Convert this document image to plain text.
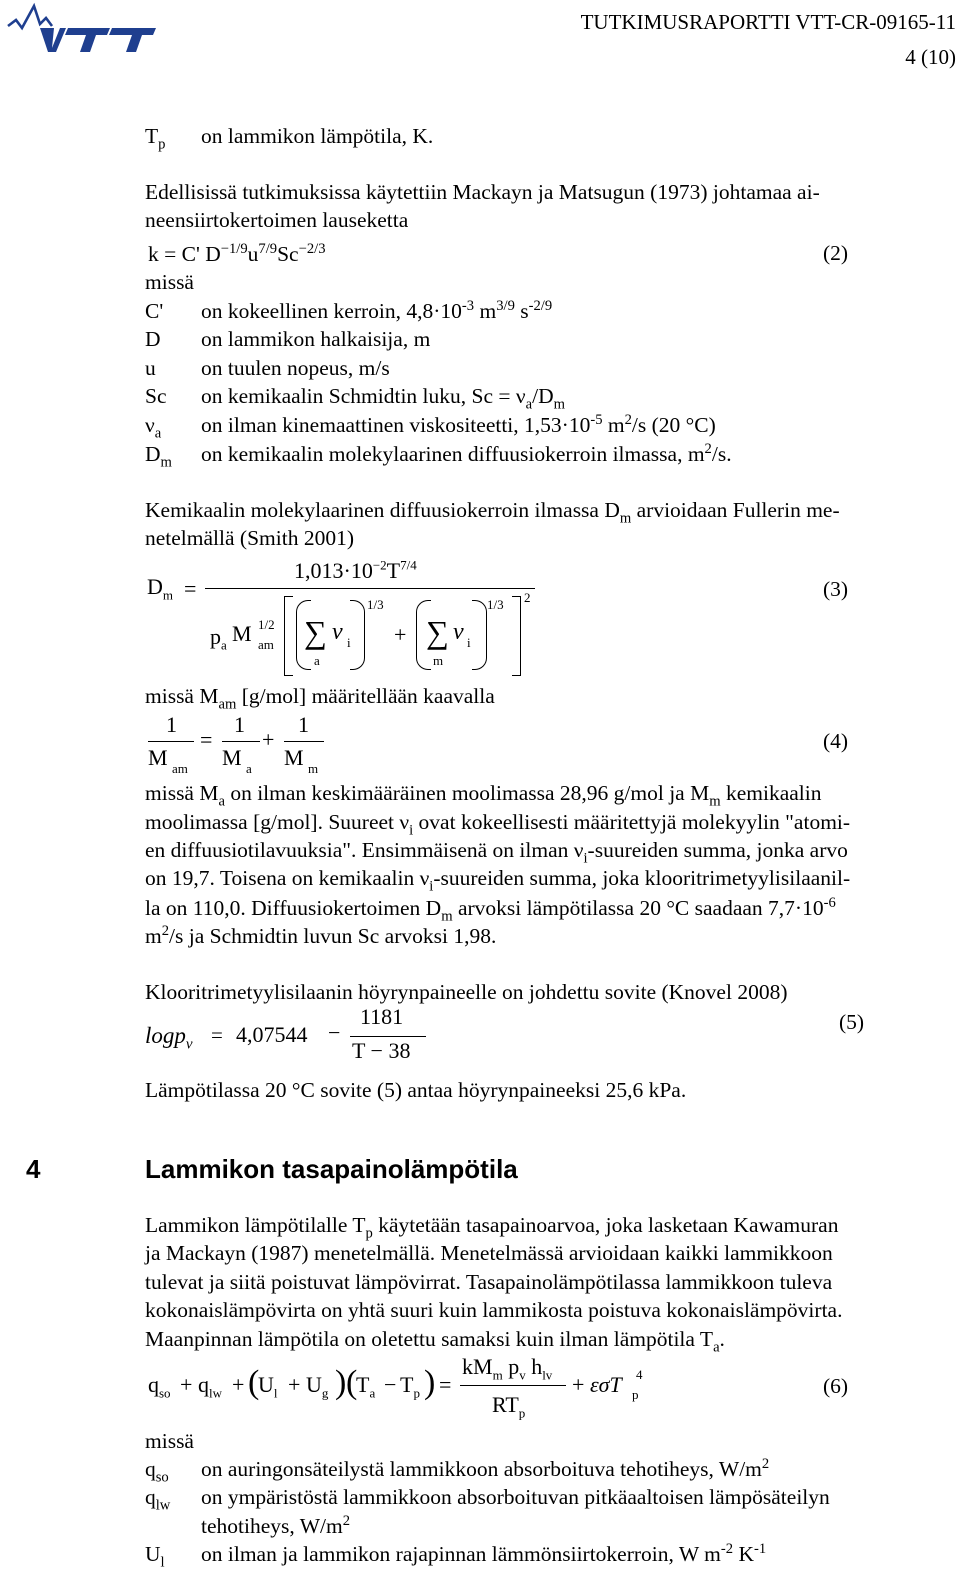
TUTKIMUSRAPORTTI VTT-CR-09165-11
4 (10)
$T_p$ on lammikon lämpötila, K.
Edellisissä tutkimuksissa käytettiin Mackayn ja Matsugun (1973) johtamaa ai-
neensiirtokertoimen lauseketta
k = C' $D^{-1/9}u^{7/9}Sc^{-2/3}$	(2)
missä
C' on kokeellinen kerroin, $4,8\cdot 10^{-3}$ $m^{3/9}$ $s^{-2/9}$
D on lammikon halkaisija, m
u on tuulen nopeus, m/s
Sc on kemikaalin Schmidtin luku, $Sc = \nu_a/D_m$
$\nu_a$ on ilman kinemaattinen viskositeetti, $1,53\cdot 10^{-5}$ $m^2/s$ (20 °C)
$D_m$ on kemikaalin molekylaarinen diffuusiokerroin ilmassa, $m^2/s$.
Kemikaalin molekylaarinen diffuusiokerroin ilmassa $D_m$ arvioidaan Fullerin me-
netelmällä (Smith 2001)
$D_m$ =
$1,013\cdot 10^{-2}T^{7/4}$
$p_a$ M 1/2
am ∑ ν i
a
1/3
+ ∑ ν i
m
1/3 2	(3)
missä $M_{am}$ [g/mol] määritellään kaavalla
1
M am
=
1
M a
+
1
M m
(4)
missä $M_a$ on ilman keskimääräinen moolimassa 28,96 g/mol ja $M_m$ kemikaalin
moolimassa [g/mol]. Suureet $\nu_i$ ovat kokeellisesti määritettyjä molekyylin "atomi-
en diffuusiotilavuuksia". Ensimmäisenä on ilman $\nu_i$-suureiden summa, jonka arvo
on 19,7. Toisena on kemikaalin $\nu_i$-suureiden summa, joka klooritrimetyylisilaanil-
la on 110,0. Diffuusiokertoimen $D_m$ arvoksi lämpötilassa 20 °C saadaan $7,7\cdot 10^{-6}$
$m^2/s$ ja Schmidtin luvun Sc arvoksi 1,98.
Klooritrimetyylisilaanin höyrynpaineelle on johdettu sovite (Knovel 2008)
logp$_v$ = 4,07544 −
1181
T − 38
(5)
Lämpötilassa 20 °C sovite (5) antaa höyrynpaineeksi 25,6 kPa.
4	Lammikon tasapainolämpötila
Lammikon lämpötilalle $T_p$ käytetään tasapainoarvoa, joka lasketaan Kawamuran
ja Mackayn (1987) menetelmällä. Menetelmässä arvioidaan kaikki lammikkoon
tulevat ja siitä poistuvat lämpövirrat. Tasapainolämpötilassa lammikkoon tuleva
kokonaislämpövirta on yhtä suuri kuin lammikosta poistuva kokonaislämpövirta.
Maanpinnan lämpötila on oletettu samaksi kuin ilman lämpötila $T_a$.
$q_{so} + q_{lw}$ + (
$U_l + U_g$ ) (
$T_a - T_p$ ) =
$kM_m$ $p_v$ $h_{lv}$
$RT_p$
+ εσT 4
p	(6)
missä
$q_{so}$ on auringonsäteilystä lammikkoon absorboituva tehotiheys, $W/m^2$
$q_{lw}$ on ympäristöstä lammikkoon absorboituvan pitkäaaltoisen lämpösäteilyn
tehotiheys, $W/m^2$
$U_l$ on ilman ja lammikon rajapinnan lämmönsiirtokerroin, W $m^{-2}$ $K^{-1}$
